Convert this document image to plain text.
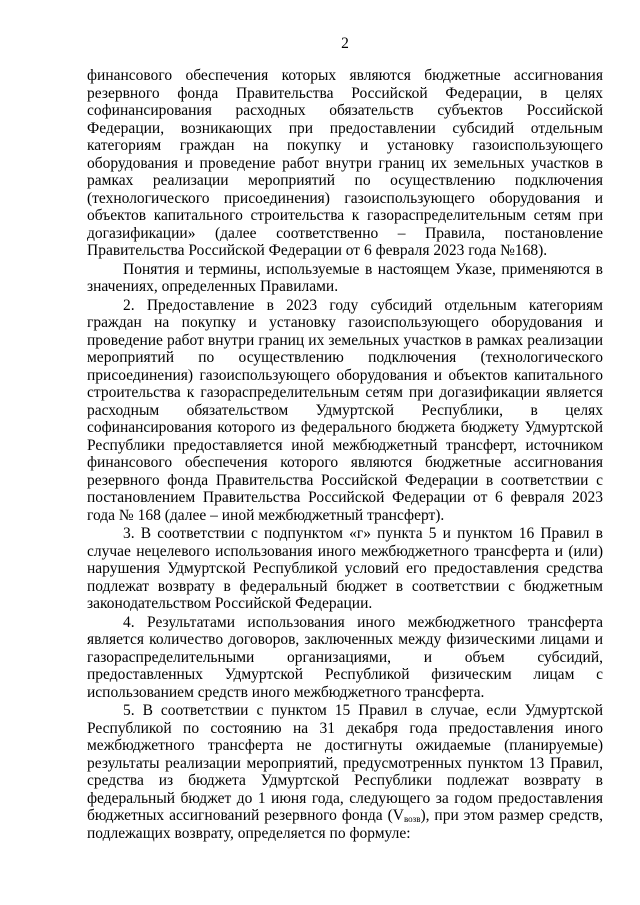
2

финансового обеспечения которых являются бюджетные ассигнования резервного фонда Правительства Российской Федерации, в целях софинансирования расходных обязательств субъектов Российской Федерации, возникающих при предоставлении субсидий отдельным категориям граждан на покупку и установку газоиспользующего оборудования и проведение работ внутри границ их земельных участков в рамках реализации мероприятий по осуществлению подключения (технологического присоединения) газоиспользующего оборудования и объектов капитального строительства к газораспределительным сетям при догазификации» (далее соответственно – Правила, постановление Правительства Российской Федерации от 6 февраля 2023 года №168).

Понятия и термины, используемые в настоящем Указе, применяются в значениях, определенных Правилами.

2. Предоставление в 2023 году субсидий отдельным категориям граждан на покупку и установку газоиспользующего оборудования и проведение работ внутри границ их земельных участков в рамках реализации мероприятий по осуществлению подключения (технологического присоединения) газоиспользующего оборудования и объектов капитального строительства к газораспределительным сетям при догазификации является расходным обязательством Удмуртской Республики, в целях софинансирования которого из федерального бюджета бюджету Удмуртской Республики предоставляется иной межбюджетный трансферт, источником финансового обеспечения которого являются бюджетные ассигнования резервного фонда Правительства Российской Федерации в соответствии с постановлением Правительства Российской Федерации от 6 февраля 2023 года № 168 (далее – иной межбюджетный трансферт).

3. В соответствии с подпунктом «г» пункта 5 и пунктом 16 Правил в случае нецелевого использования иного межбюджетного трансферта и (или) нарушения Удмуртской Республикой условий его предоставления средства подлежат возврату в федеральный бюджет в соответствии с бюджетным законодательством Российской Федерации.

4. Результатами использования иного межбюджетного трансферта является количество договоров, заключенных между физическими лицами и газораспределительными организациями, и объем субсидий, предоставленных Удмуртской Республикой физическим лицам с использованием средств иного межбюджетного трансферта.

5. В соответствии с пунктом 15 Правил в случае, если Удмуртской Республикой по состоянию на 31 декабря года предоставления иного межбюджетного трансферта не достигнуты ожидаемые (планируемые) результаты реализации мероприятий, предусмотренных пунктом 13 Правил, средства из бюджета Удмуртской Республики подлежат возврату в федеральный бюджет до 1 июня года, следующего за годом предоставления бюджетных ассигнований резервного фонда $(V_{возв})$, при этом размер средств, подлежащих возврату, определяется по формуле:
